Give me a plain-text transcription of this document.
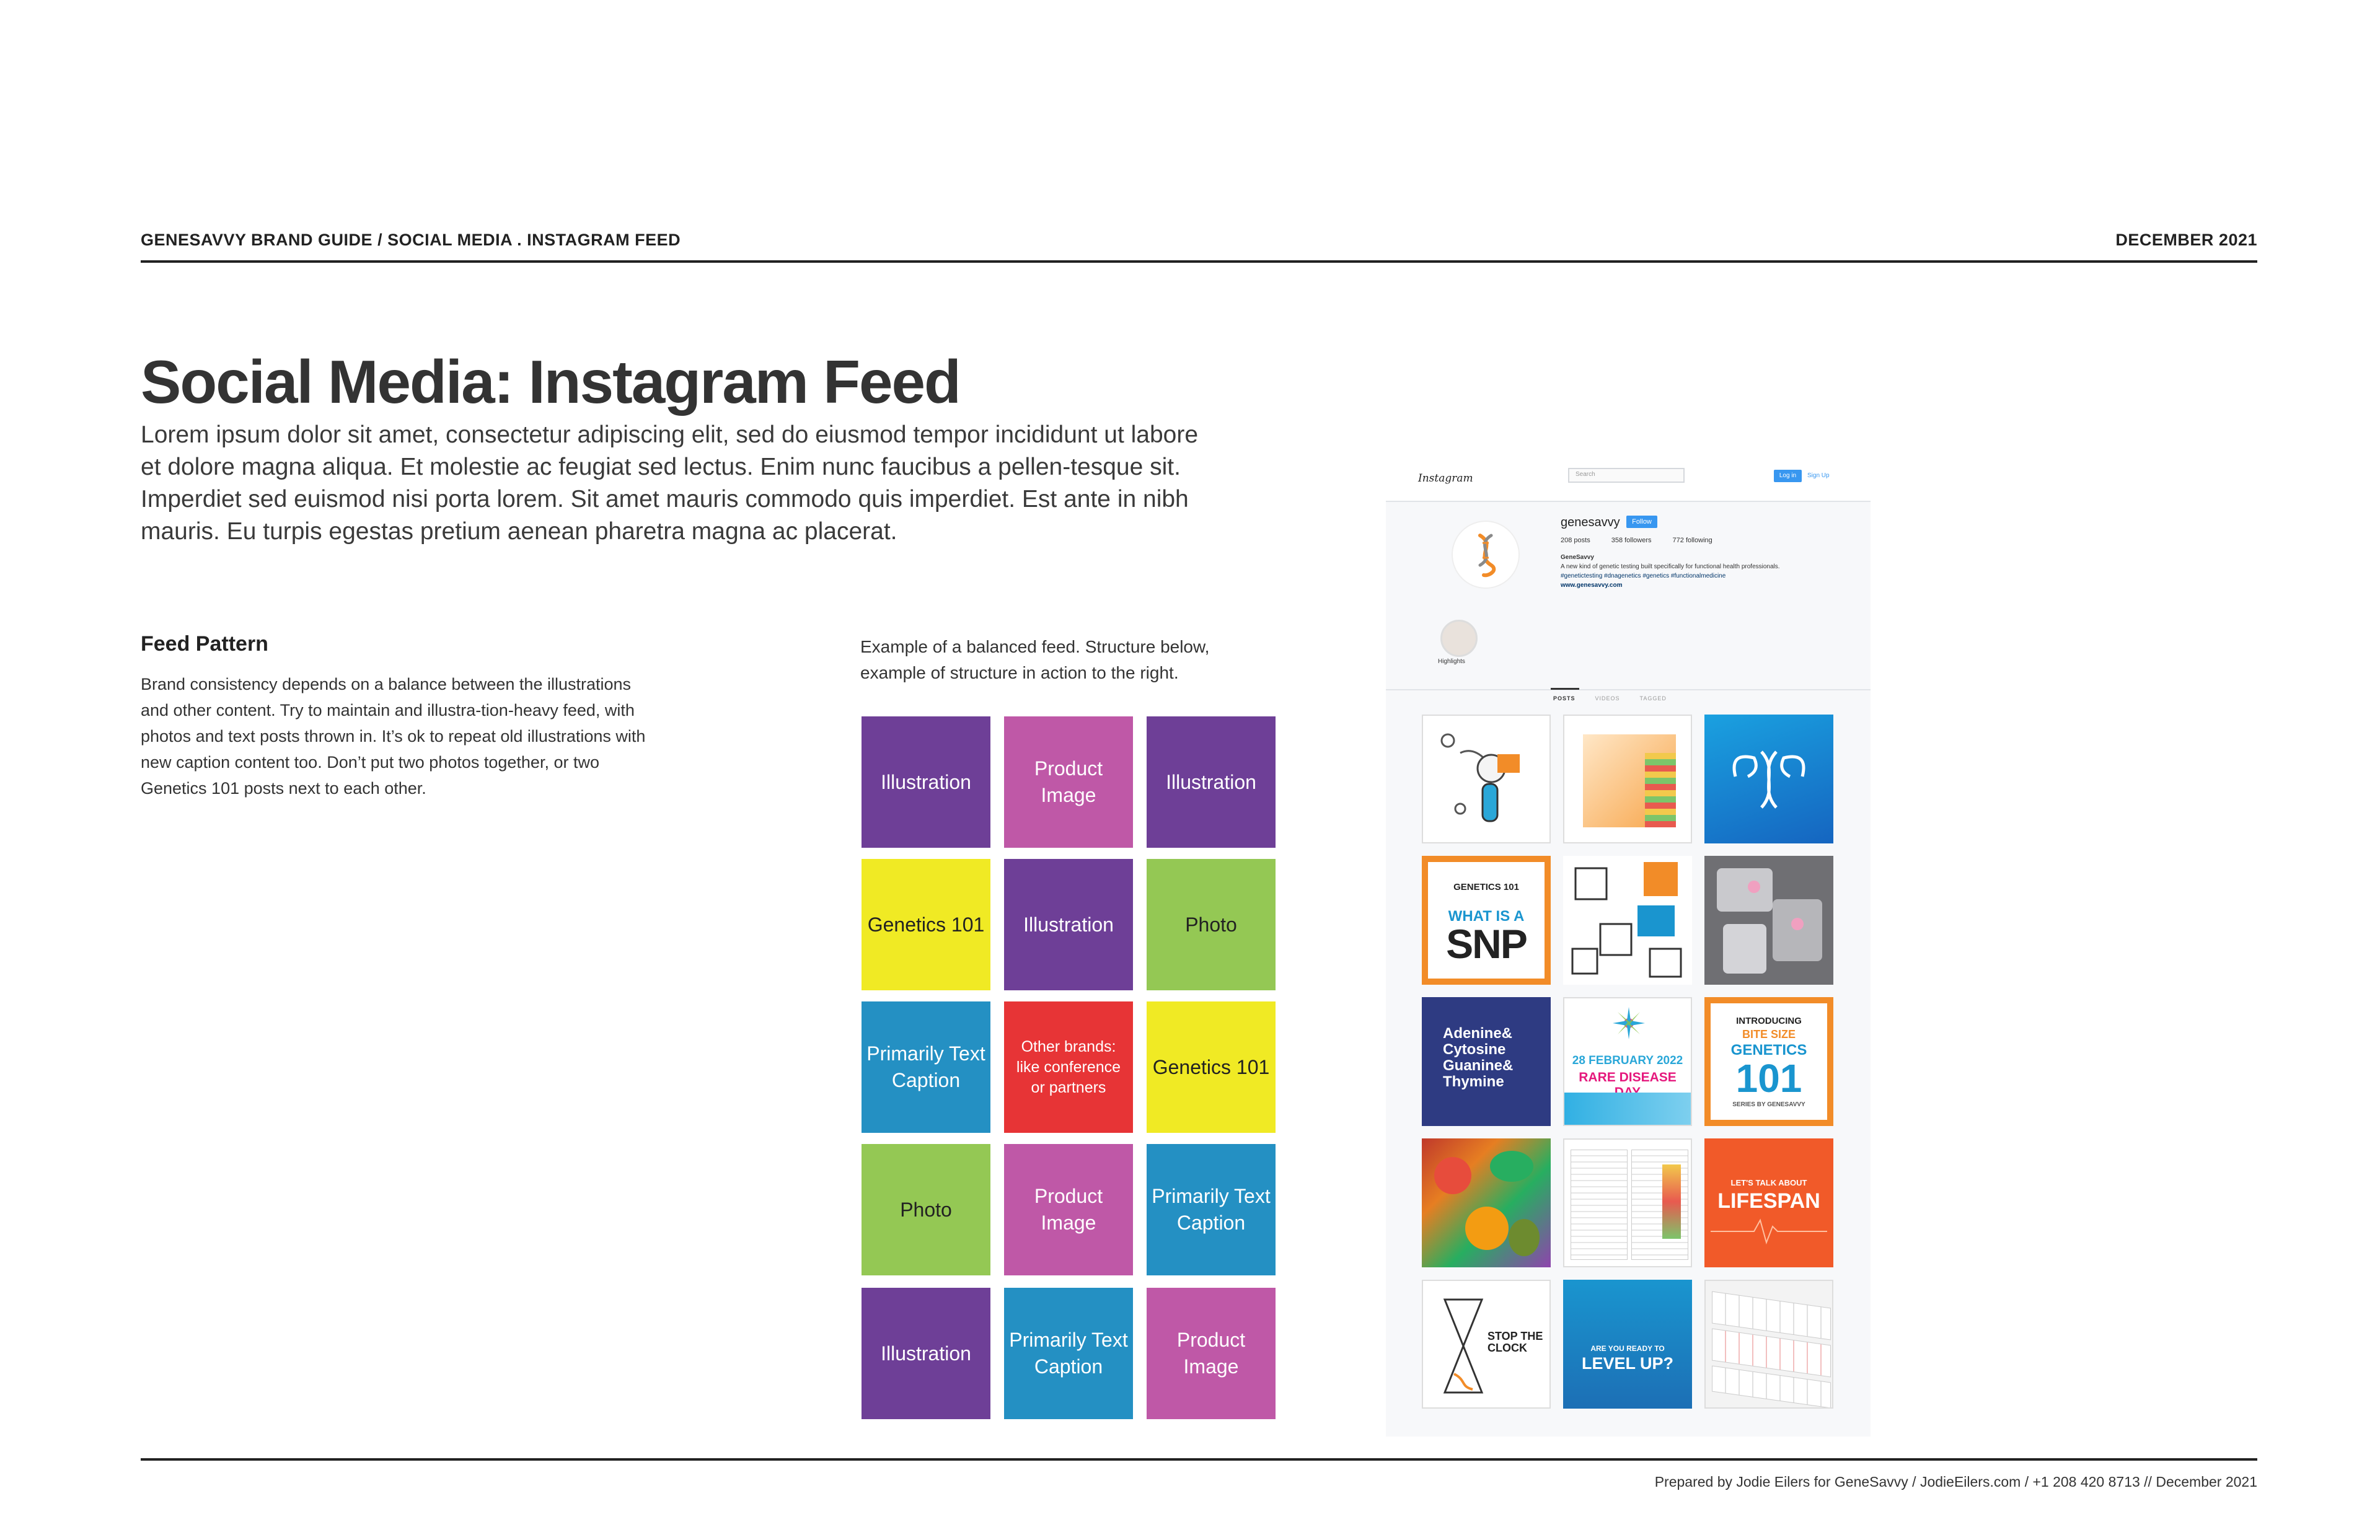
GENESAVVY BRAND GUIDE / SOCIAL MEDIA . INSTAGRAM FEED	DECEMBER 2021
Social Media: Instagram Feed

Lorem ipsum dolor sit amet, consectetur adipiscing elit, sed do eiusmod tempor incididunt ut labore et dolore magna aliqua. Et molestie ac feugiat sed lectus. Enim nunc faucibus a pellen-tesque sit. Imperdiet sed euismod nisi porta lorem. Sit amet mauris commodo quis imperdiet. Est ante in nibh mauris. Eu turpis egestas pretium aenean pharetra magna ac placerat.

Feed Pattern

Brand consistency depends on a balance between the illustrations and other content. Try to maintain and illustra-tion-heavy feed, with photos and text posts thrown in. It’s ok to repeat old illustrations with new caption content too. Don’t put two photos together, or two Genetics 101 posts next to each other.

Example of a balanced feed. Structure below, example of structure in action to the right.

Illustration
Product Image
Illustration
Genetics 101	Illustration	Photo
Primarily Text Caption
Other brands: like conference or partners
Genetics 101
Photo
Product Image
Primarily Text Caption
Illustration
Primarily Text Caption
Product Image
Instagram	Search	Log in	Sign Up
genesavvy	Follow
208 posts	358 followers	772 following
GeneSavvy
A new kind of genetic testing built specifically for functional health professionals.
#genetictesting #dnagenetics #genetics #functionalmedicine
www.genesavvy.com
Highlights
POSTS	VIDEOS	TAGGED
GENETICS 101
WHAT IS A
SNP
Adenine& Cytosine Guanine& Thymine
28 FEBRUARY 2022
RARE DISEASE
INTRODUCING
BITE SIZE
GENETICS
101
SERIES BY GENESAVVY
LET'S TALK ABOUT
LIFESPAN
STOP THE CLOCK	ARE YOU READY TO
LEVEL UP?
Prepared by Jodie Eilers for GeneSavvy / JodieEilers.com / +1 208 420 8713 // December 2021
